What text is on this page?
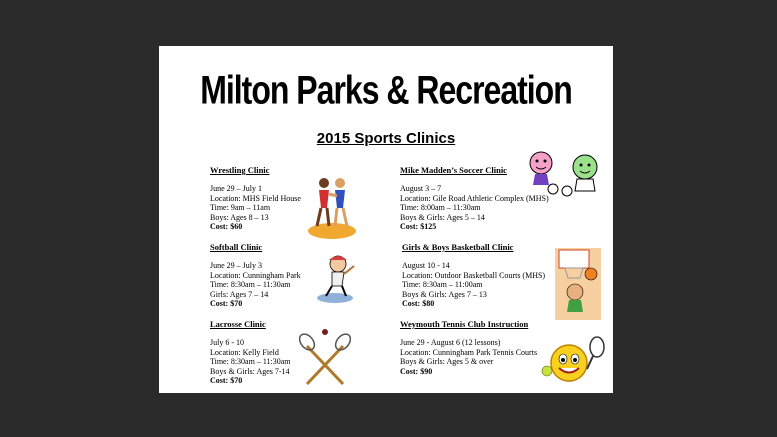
Milton Parks & Recreation
2015 Sports Clinics
Wrestling Clinic
June 29 – July 1
Location: MHS Field House
Time: 9am – 11am
Boys: Ages 8 – 13
Cost: $60
Mike Madden’s Soccer Clinic
August 3 – 7
Location: Gile Road Athletic Complex (MHS)
Time: 8:00am – 11:30am
Boys & Girls: Ages 5 – 14
Cost: $125
Softball Clinic
June 29 – July 3
Location: Cunningham Park
Time: 8:30am – 11:30am
Girls: Ages 7 – 14
Cost: $70
Girls & Boys Basketball Clinic
August 10 - 14
Location: Outdoor Basketball Courts (MHS)
Time: 8:30am – 11:00am
Boys & Girls: Ages 7 – 13
Cost: $80
Lacrosse Clinic
July 6 - 10
Location: Kelly Field
Time: 8:30am – 11:30am
Boys & Girls: Ages 7-14
Cost: $70
Weymouth Tennis Club Instruction
June 29 - August 6 (12 lessons)
Location: Cunningham Park Tennis Courts
Boys & Girls: Ages 5 & over
Cost: $90
